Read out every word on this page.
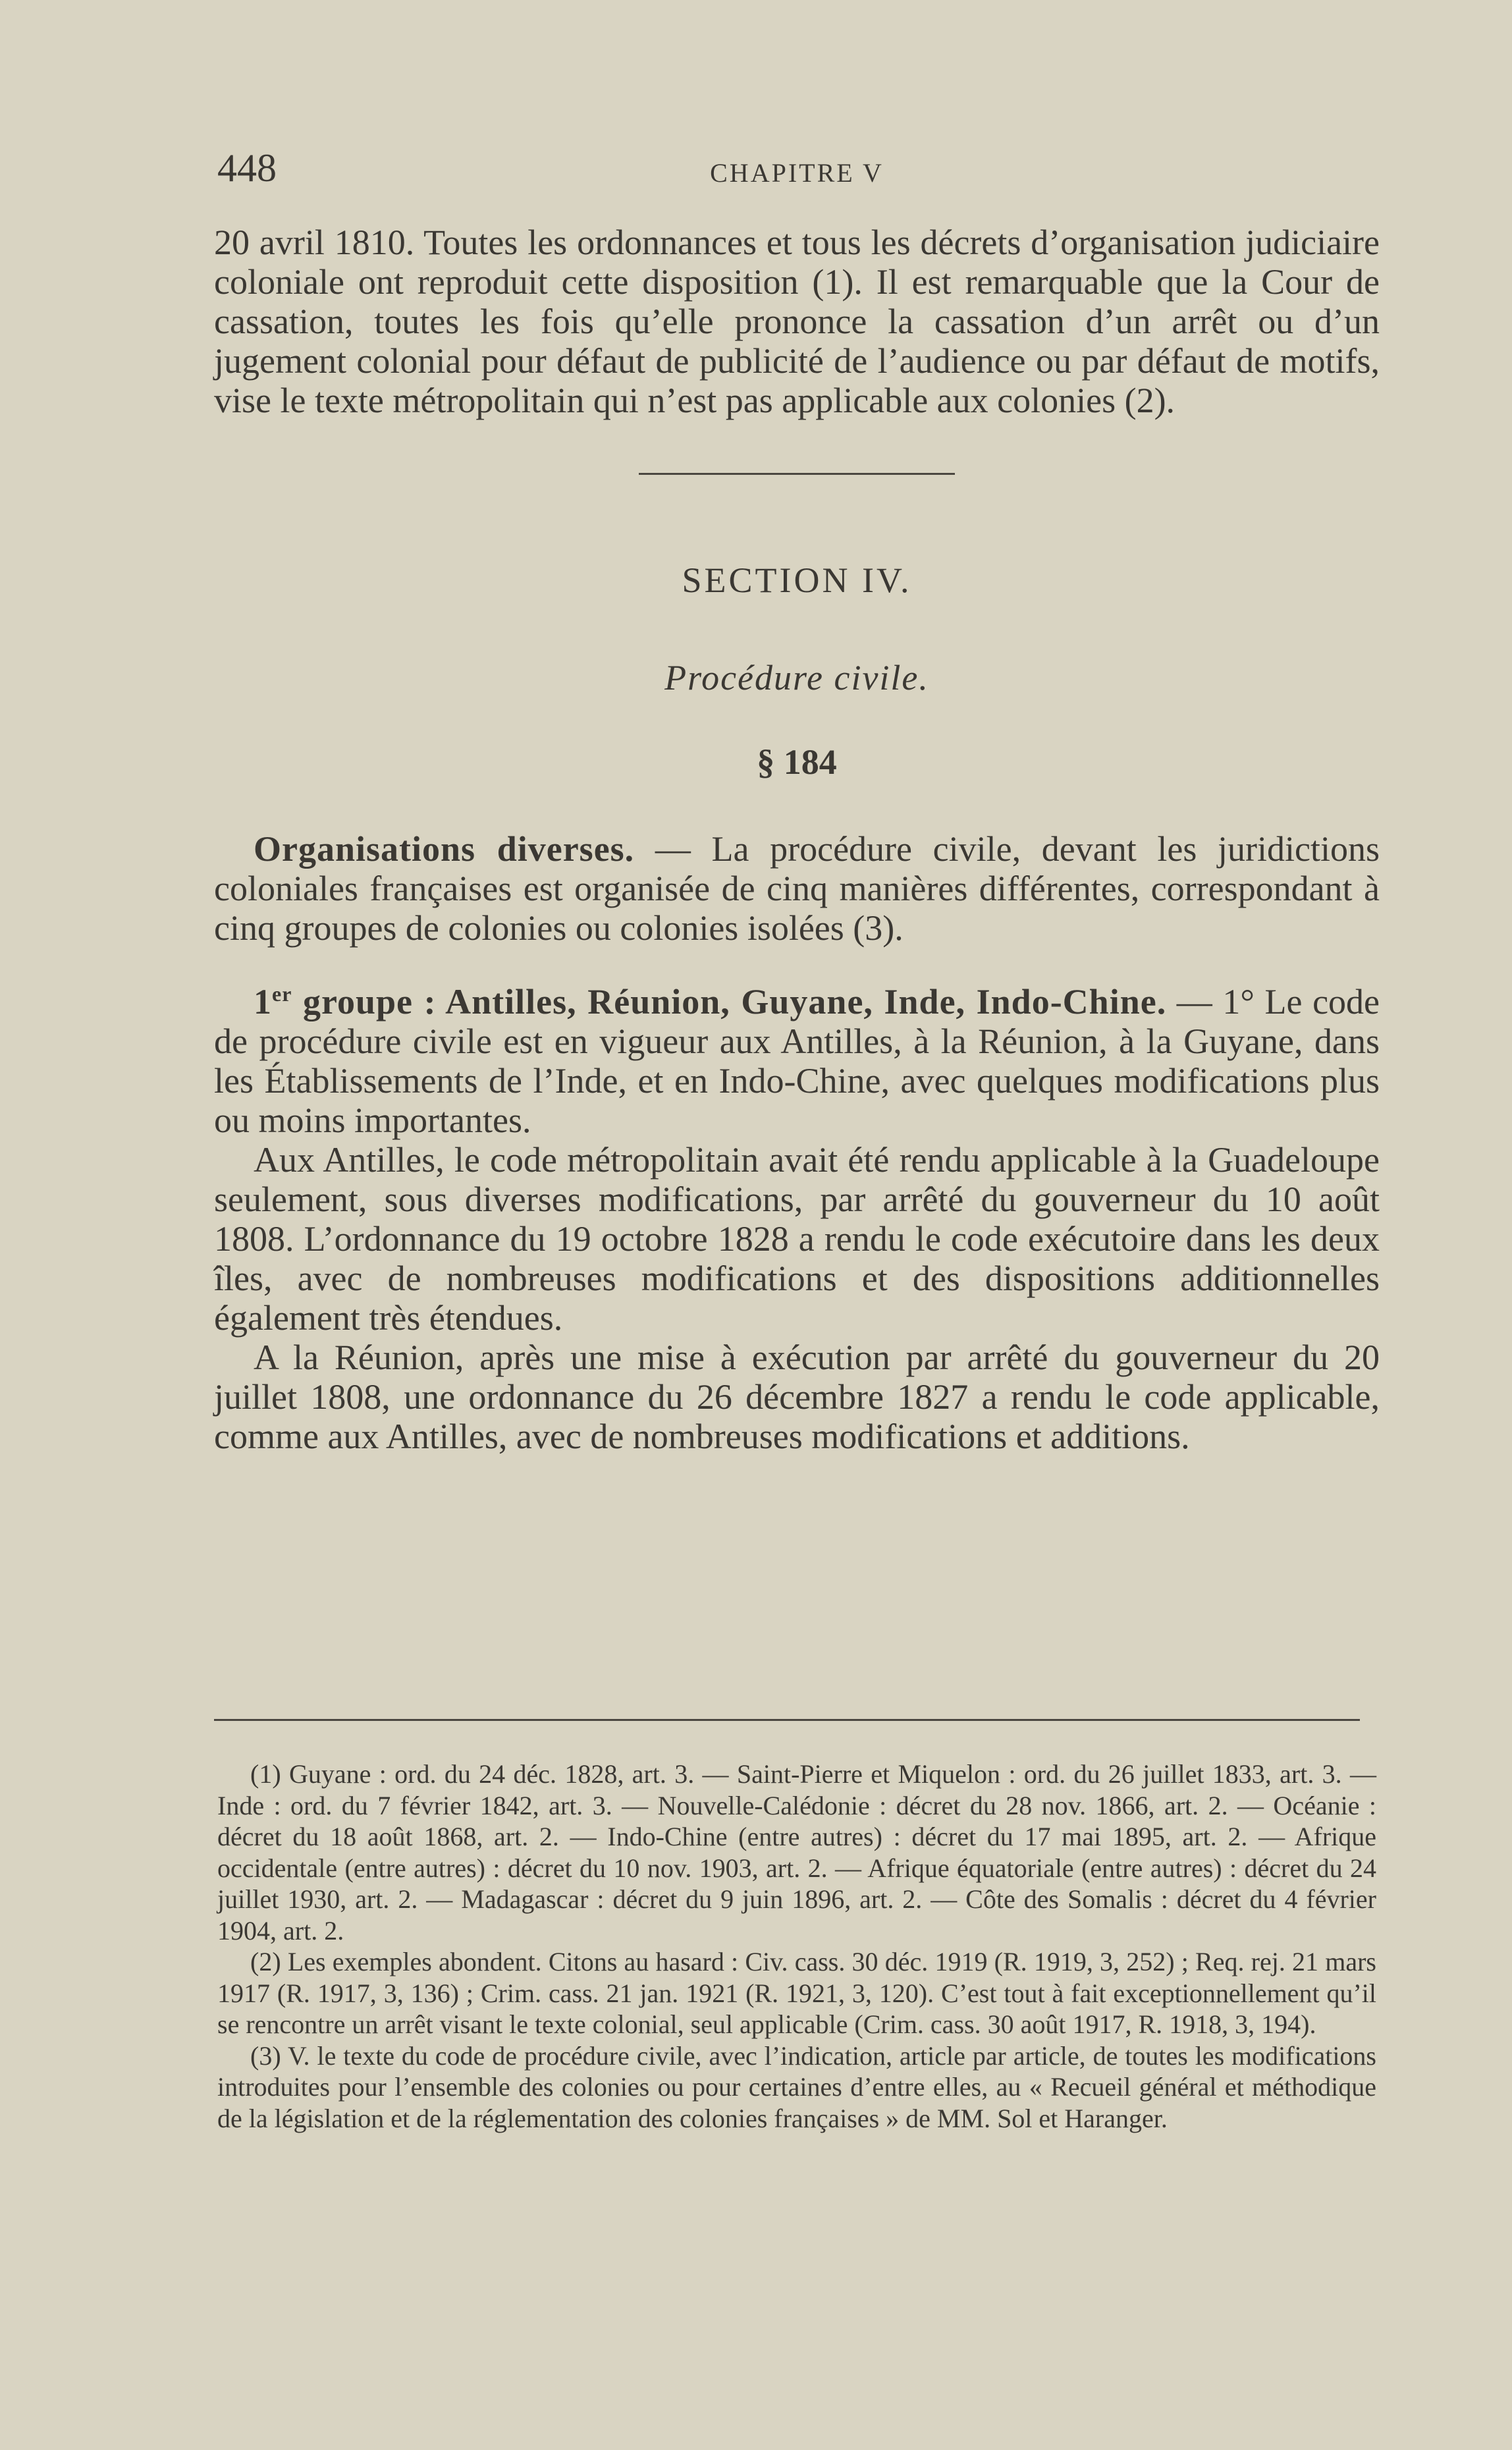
448	CHAPITRE V

20 avril 1810. Toutes les ordonnances et tous les décrets d’organisation judiciaire coloniale ont reproduit cette disposition (1). Il est remarquable que la Cour de cassation, toutes les fois qu’elle prononce la cassation d’un arrêt ou d’un jugement colonial pour défaut de publicité de l’audience ou par défaut de motifs, vise le texte métropolitain qui n’est pas applicable aux colonies (2).

SECTION IV.
Procédure civile.
§ 184

Organisations diverses. — La procédure civile, devant les juridictions coloniales françaises est organisée de cinq manières différentes, correspondant à cinq groupes de colonies ou colonies isolées (3).

1er groupe : Antilles, Réunion, Guyane, Inde, Indo-Chine. — 1° Le code de procédure civile est en vigueur aux Antilles, à la Réunion, à la Guyane, dans les Établissements de l’Inde, et en Indo-Chine, avec quelques modifications plus ou moins importantes.

Aux Antilles, le code métropolitain avait été rendu applicable à la Guadeloupe seulement, sous diverses modifications, par arrêté du gouverneur du 10 août 1808. L’ordonnance du 19 octobre 1828 a rendu le code exécutoire dans les deux îles, avec de nombreuses modifications et des dispositions additionnelles également très étendues.

A la Réunion, après une mise à exécution par arrêté du gouverneur du 20 juillet 1808, une ordonnance du 26 décembre 1827 a rendu le code applicable, comme aux Antilles, avec de nombreuses modifications et additions.

(1) Guyane : ord. du 24 déc. 1828, art. 3. — Saint-Pierre et Miquelon : ord. du 26 juillet 1833, art. 3. — Inde : ord. du 7 février 1842, art. 3. — Nouvelle-Calédonie : décret du 28 nov. 1866, art. 2. — Océanie : décret du 18 août 1868, art. 2. — Indo-Chine (entre autres) : décret du 17 mai 1895, art. 2. — Afrique occidentale (entre autres) : décret du 10 nov. 1903, art. 2. — Afrique équatoriale (entre autres) : décret du 24 juillet 1930, art. 2. — Madagascar : décret du 9 juin 1896, art. 2. — Côte des Somalis : décret du 4 février 1904, art. 2.

(2) Les exemples abondent. Citons au hasard : Civ. cass. 30 déc. 1919 (R. 1919, 3, 252) ; Req. rej. 21 mars 1917 (R. 1917, 3, 136) ; Crim. cass. 21 jan. 1921 (R. 1921, 3, 120). C’est tout à fait exceptionnellement qu’il se rencontre un arrêt visant le texte colonial, seul applicable (Crim. cass. 30 août 1917, R. 1918, 3, 194).

(3) V. le texte du code de procédure civile, avec l’indication, article par article, de toutes les modifications introduites pour l’ensemble des colonies ou pour certaines d’entre elles, au « Recueil général et méthodique de la législation et de la réglementation des colonies françaises » de MM. Sol et Haranger.
